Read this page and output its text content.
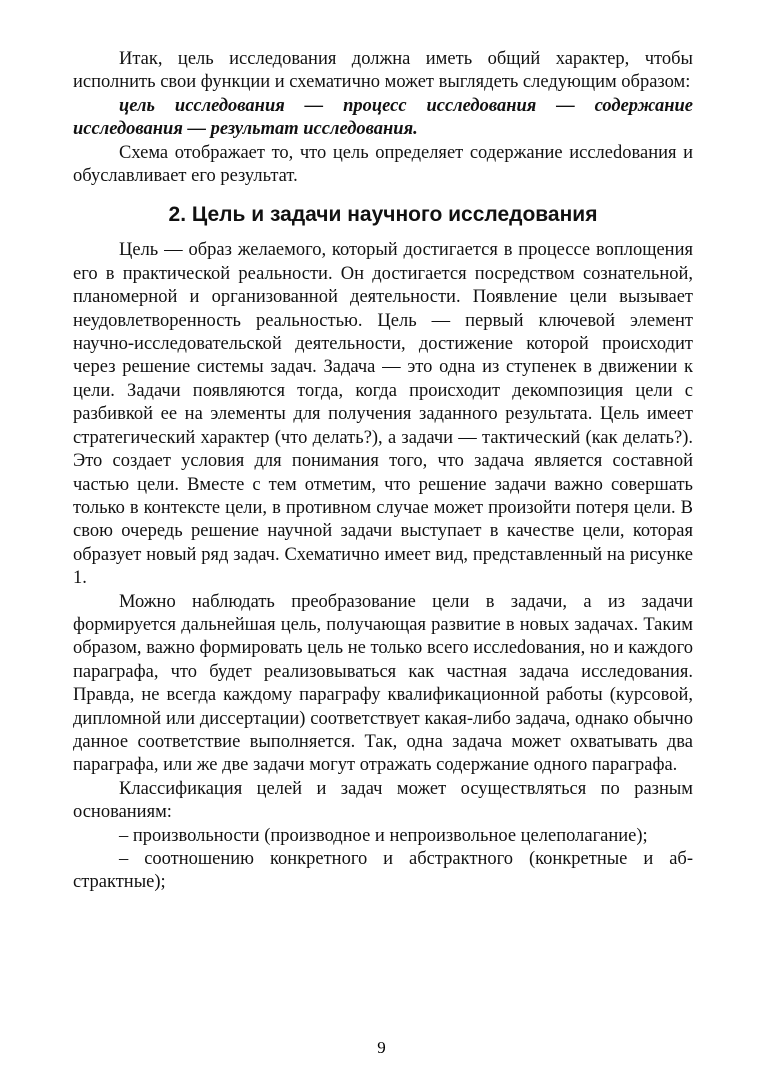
Итак, цель исследования должна иметь общий характер, чтобы исполнить свои функции и схематично может выглядеть следующим образом:

цель исследования — процесс исследования — содержание исследования — результат исследования.

Схема отображает то, что цель определяет содержание исслеdования и обуславливает его результат.

2. Цель и задачи научного исследования

Цель — образ желаемого, который достигается в процессе воплощения его в практической реальности. Он достигается посредством сознательной, планомерной и организованной деятельности. Появление цели вызывает неудовлетворенность реальностью. Цель — первый ключевой элемент научно-исследовательской деятельности, достижение которой происходит через решение системы задач. Задача — это одна из ступенек в движении к цели. Задачи появляются тогда, когда происходит декомпозиция цели с разбивкой ее на элементы для получения заданного результата. Цель имеет стратегический характер (что делать?), а задачи — тактический (как делать?). Это создает условия для понимания того, что задача является составной частью цели. Вместе с тем отметим, что решение задачи важно совершать только в контексте цели, в противном случае может произойти потеря цели. В свою очередь решение научной задачи выступает в качестве цели, которая образует новый ряд задач. Схематично имеет вид, представленный на рисунке 1.

Можно наблюдать преобразование цели в задачи, а из задачи формируется дальнейшая цель, получающая развитие в новых задачах. Таким образом, важно формировать цель не только всего исслеdования, но и каждого параграфа, что будет реализовываться как частная задача исследования. Правда, не всегда каждому параграфу квалификационной работы (курсовой, дипломной или диссертации) соответствует какая-либо задача, однако обычно данное соответствие выполняется. Так, одна задача может охватывать два параграфа, или же две задачи могут отражать содержание одного параграфа.

Классификация целей и задач может осуществляться по разным основаниям:

– произвольности (производное и непроизвольное целеполагание);

– соотношению конкретного и абстрактного (конкретные и абстрактные);

9
